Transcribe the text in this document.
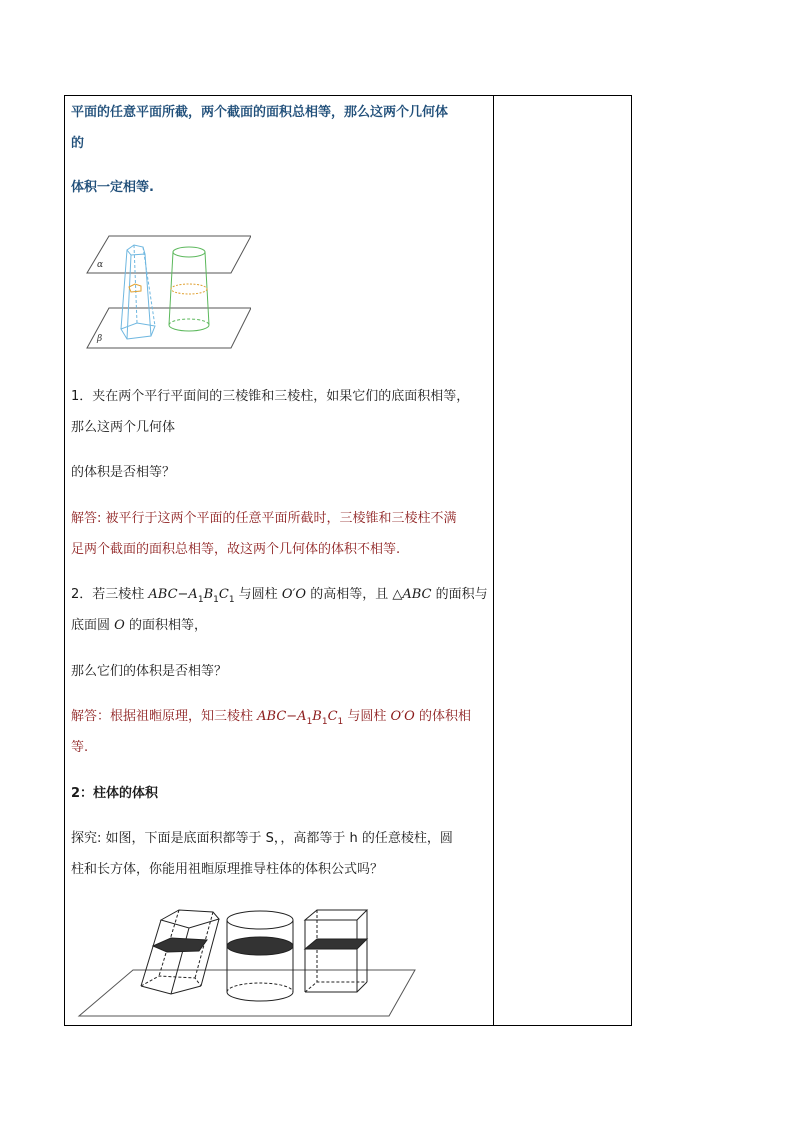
平面的任意平面所截，两个截面的面积总相等，那么这两个几何体
的
体积一定相等.
α
β
1．夹在两个平行平面间的三棱锥和三棱柱，如果它们的底面积相等，
那么这两个几何体
的体积是否相等？
解答: 被平行于这两个平面的任意平面所截时，三棱锥和三棱柱不满
足两个截面的面积总相等，故这两个几何体的体积不相等.
2．若三棱柱 $ABC-A_1B_1C_1$ 与圆柱 O′O 的高相等，且 △ABC 的面积与
底面圆 O 的面积相等，
那么它们的体积是否相等？
解答：根据祖暅原理，知三棱柱 $ABC-A_1B_1C_1$ 与圆柱 O′O 的体积相
等.
2：柱体的体积
探究: 如图，下面是底面积都等于 S，，高都等于 h 的任意棱柱，圆
柱和长方体，你能用祖暅原理推导柱体的体积公式吗？
